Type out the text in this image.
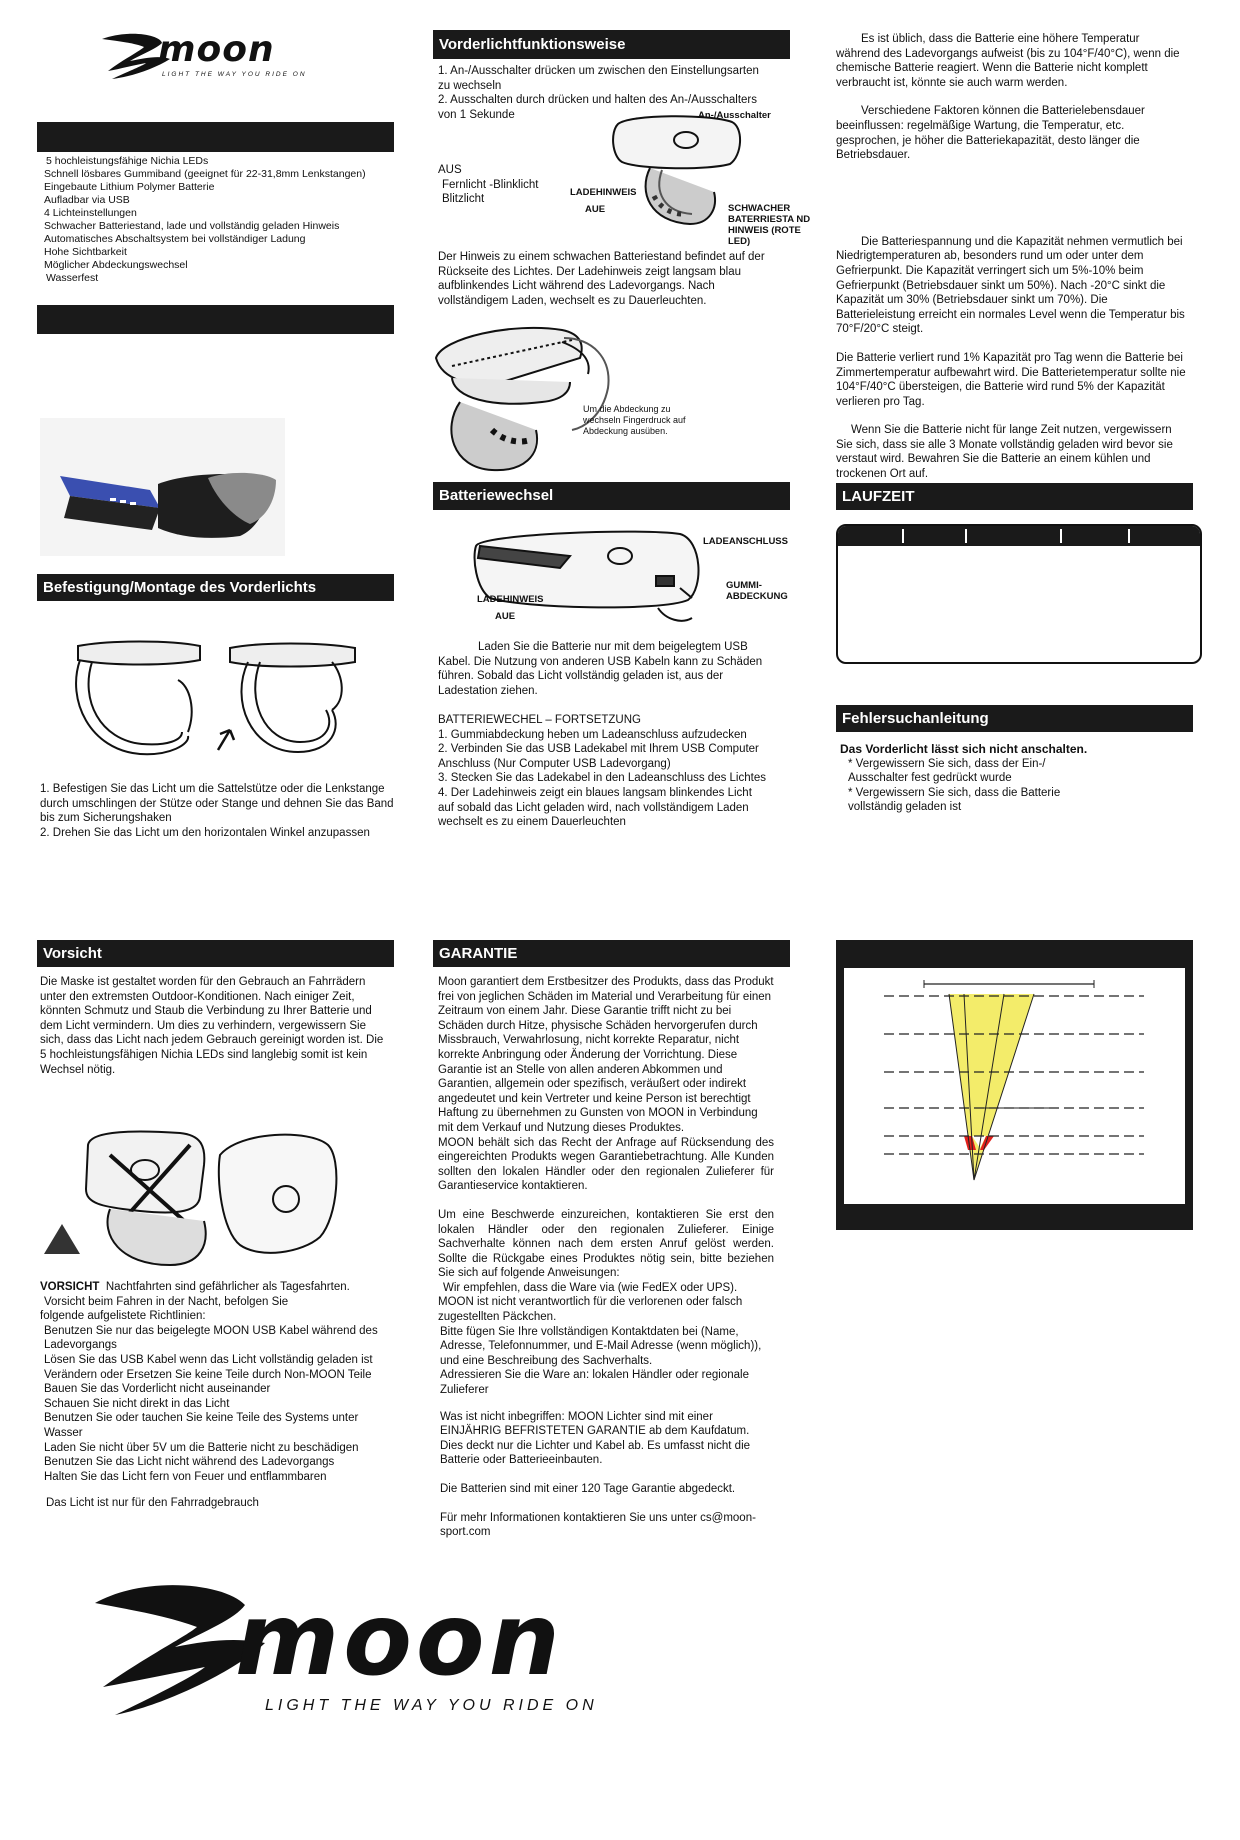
moon
LIGHT THE WAY YOU RIDE ON
5 hochleistungsfähige Nichia LEDs
Schnell lösbares Gummiband (geeignet für 22-31,8mm Lenkstangen)
Eingebaute Lithium Polymer Batterie
Aufladbar via USB
4 Lichteinstellungen
Schwacher Batteriestand, lade und vollständig geladen Hinweis
Automatisches Abschaltsystem bei vollständiger Ladung
Hohe Sichtbarkeit
Möglicher Abdeckungswechsel
Wasserfest
Befestigung/Montage des Vorderlichts

1. Befestigen Sie das Licht um die Sattelstütze oder die Lenkstange durch umschlingen der Stütze oder Stange und dehnen Sie das Band bis zum Sicherungshaken

2. Drehen Sie das Licht um den horizontalen Winkel anzupassen

Vorsicht
Die Maske ist gestaltet worden für den Gebrauch an Fahrrädern unter den extremsten Outdoor-Konditionen. Nach einiger Zeit, könnten Schmutz und Staub die Verbindung zu Ihrer Batterie und dem Licht vermindern. Um dies zu verhindern, vergewissern Sie sich, dass das Licht nach jedem Gebrauch gereinigt worden ist. Die 5 hochleistungsfähigen Nichia LEDs sind langlebig somit ist kein Wechsel nötig.

VORSICHT Nachtfahrten sind gefährlicher als Tagesfahrten.

Vorsicht beim Fahren in der Nacht, befolgen Sie

folgende aufgelistete Richtlinien:

Benutzen Sie nur das beigelegte MOON USB Kabel während des Ladevorgangs

Lösen Sie das USB Kabel wenn das Licht vollständig geladen ist

Verändern oder Ersetzen Sie keine Teile durch Non-MOON Teile

Bauen Sie das Vorderlicht nicht auseinander

Schauen Sie nicht direkt in das Licht

Benutzen Sie oder tauchen Sie keine Teile des Systems unter Wasser

Laden Sie nicht über 5V um die Batterie nicht zu beschädigen

Benutzen Sie das Licht nicht während des Ladevorgangs

Halten Sie das Licht fern von Feuer und entflammbaren

Das Licht ist nur für den Fahrradgebrauch

Vorderlichtfunktionsweise

1. An-/Ausschalter drücken um zwischen den Einstellungsarten zu wechseln

2. Ausschalten durch drücken und halten des An-/Ausschalters von 1 Sekunde	An-/Ausschalter
LADEHINWEIS
AUE	SCHWACHER BATERRIESTA ND HINWEIS (ROTE LED)

AUS

Fernlicht -Blinklicht

Blitzlicht

Der Hinweis zu einem schwachen Batteriestand befindet auf der Rückseite des Lichtes. Der Ladehinweis zeigt langsam blau aufblinkendes Licht während des Ladevorgangs. Nach vollständigem Laden, wechselt es zu Dauerleuchten.
Um die Abdeckung zu wechseln Fingerdruck auf Abdeckung ausüben.
Batteriewechsel
LADEANSCHLUSS
GUMMI-ABDECKUNG
LADEHINWEIS
AUE

Laden Sie die Batterie nur mit dem beigelegtem USB Kabel. Die Nutzung von anderen USB Kabeln kann zu Schäden führen. Sobald das Licht vollständig geladen ist, aus der Ladestation ziehen.

BATTERIEWECHEL – FORTSETZUNG

1. Gummiabdeckung heben um Ladeanschluss aufzudecken

2. Verbinden Sie das USB Ladekabel mit Ihrem USB Computer Anschluss (Nur Computer USB Ladevorgang)

3. Stecken Sie das Ladekabel in den Ladeanschluss des Lichtes

4. Der Ladehinweis zeigt ein blaues langsam blinkendes Licht auf sobald das Licht geladen wird, nach vollständigem Laden wechselt es zu einem Dauerleuchten

GARANTIE

Moon garantiert dem Erstbesitzer des Produkts, dass das Produkt frei von jeglichen Schäden im Material und Verarbeitung für einen Zeitraum von einem Jahr. Diese Garantie trifft nicht zu bei Schäden durch Hitze, physische Schäden hervorgerufen durch Missbrauch, Verwahrlosung, nicht korrekte Reparatur, nicht korrekte Anbringung oder Änderung der Vorrichtung. Diese Garantie ist an Stelle von allen anderen Abkommen und Garantien, allgemein oder spezifisch, veräußert oder indirekt angedeutet und kein Vertreter und keine Person ist berechtigt Haftung zu übernehmen zu Gunsten von MOON in Verbindung mit dem Verkauf und Nutzung dieses Produktes.

MOON behält sich das Recht der Anfrage auf Rücksendung des eingereichten Produkts wegen Garantiebetrachtung. Alle Kunden sollten den lokalen Händler oder den regionalen Zulieferer für Garantieservice kontaktieren.

Um eine Beschwerde einzureichen, kontaktieren Sie erst den lokalen Händler oder den regionalen Zulieferer. Einige Sachverhalte können nach dem ersten Anruf gelöst werden. Sollte die Rückgabe eines Produktes nötig sein, bitte beziehen Sie sich auf folgende Anweisungen:

Wir empfehlen, dass die Ware via (wie FedEX oder UPS).

MOON ist nicht verantwortlich für die verlorenen oder falsch zugestellten Päckchen.

Bitte fügen Sie Ihre vollständigen Kontaktdaten bei (Name, Adresse, Telefonnummer, und E-Mail Adresse (wenn möglich)), und eine Beschreibung des Sachverhalts.

Adressieren Sie die Ware an: lokalen Händler oder regionale Zulieferer

Was ist nicht inbegriffen: MOON Lichter sind mit einer EINJÄHRIG BEFRISTETEN GARANTIE ab dem Kaufdatum. Dies deckt nur die Lichter und Kabel ab. Es umfasst nicht die Batterie oder Batterieeinbauten.

Die Batterien sind mit einer 120 Tage Garantie abgedeckt.

Für mehr Informationen kontaktieren Sie uns unter cs@moon-sport.com

Es ist üblich, dass die Batterie eine höhere Temperatur während des Ladevorgangs aufweist (bis zu 104°F/40°C), wenn die chemische Batterie reagiert. Wenn die Batterie nicht komplett verbraucht ist, könnte sie auch warm werden.

Verschiedene Faktoren können die Batterielebensdauer beeinflussen: regelmäßige Wartung, die Temperatur, etc. gesprochen, je höher die Batteriekapazität, desto länger die Betriebsdauer.

Die Batteriespannung und die Kapazität nehmen vermutlich bei Niedrigtemperaturen ab, besonders rund um oder unter dem Gefrierpunkt. Die Kapazität verringert sich um 5%-10% beim Gefrierpunkt (Betriebsdauer sinkt um 50%). Nach -20°C sinkt die Kapazität um 30% (Betriebsdauer sinkt um 70%). Die Batterieleistung erreicht ein normales Level wenn die Temperatur bis 70°F/20°C steigt.

Die Batterie verliert rund 1% Kapazität pro Tag wenn die Batterie bei Zimmertemperatur aufbewahrt wird. Die Batterietemperatur sollte nie 104°F/40°C übersteigen, die Batterie wird rund 5% der Kapazität verlieren pro Tag.

Wenn Sie die Batterie nicht für lange Zeit nutzen, vergewissern Sie sich, dass sie alle 3 Monate vollständig geladen wird bevor sie verstaut wird. Bewahren Sie die Batterie an einem kühlen und trockenen Ort auf.

LAUFZEIT
Fehlersuchanleitung

Das Vorderlicht lässt sich nicht anschalten.

* Vergewissern Sie sich, dass der Ein-/ Ausschalter fest gedrückt wurde

* Vergewissern Sie sich, dass die Batterie vollständig geladen ist

moon
LIGHT THE WAY YOU RIDE ON
